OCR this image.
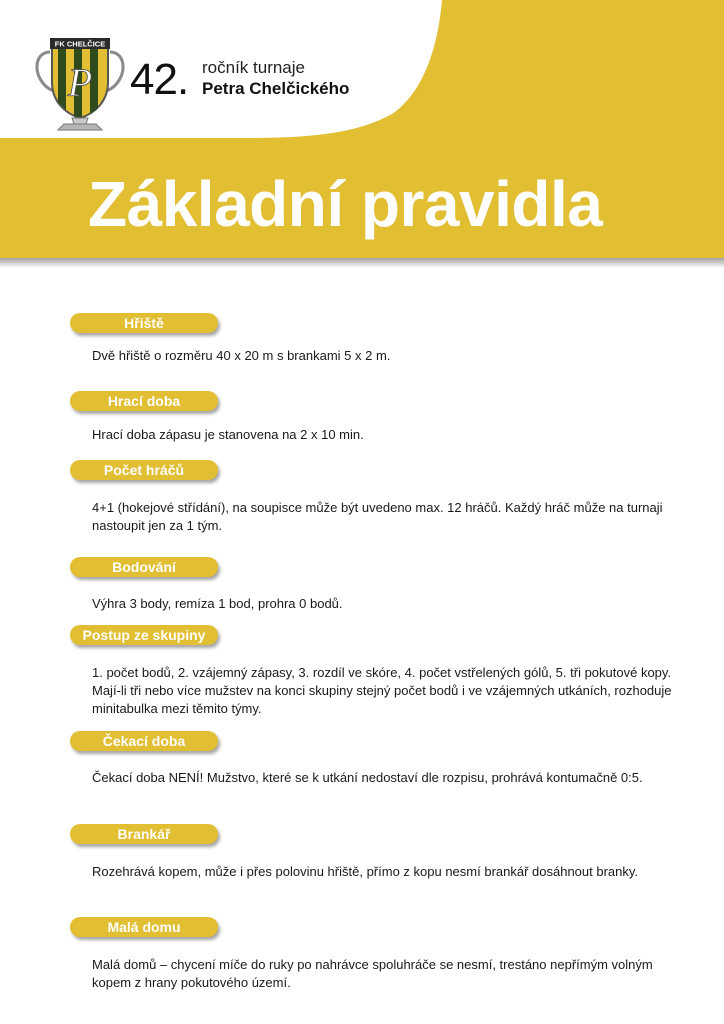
FK CHELČICE
P 42. ročník turnaje
Petra Chelčického
Základní pravidla
Hřiště

Dvě hřiště o rozměru 40 x 20 m s brankami 5 x 2 m.

Hrací doba

Hrací doba zápasu je stanovena na 2 x 10 min.

Počet hráčů

4+1 (hokejové střídání), na soupisce může být uvedeno max. 12 hráčů. Každý hráč může na turnaji nastoupit jen za 1 tým.

Bodování

Výhra 3 body, remíza 1 bod, prohra 0 bodů.

Postup ze skupiny

1. počet bodů, 2. vzájemný zápasy, 3. rozdíl ve skóre, 4. počet vstřelených gólů, 5. tři pokutové kopy. Mají-li tři nebo více mužstev na konci skupiny stejný počet bodů i ve vzájemných utkáních, rozhoduje minitabulka mezi těmito týmy.

Čekací doba

Čekací doba NENÍ! Mužstvo, které se k utkání nedostaví dle rozpisu, prohrává kontumačně 0:5.

Brankář

Rozehrává kopem, může i přes polovinu hřiště, přímo z kopu nesmí brankář dosáhnout branky.

Malá domu

Malá domů – chycení míče do ruky po nahrávce spoluhráče se nesmí, trestáno nepřímým volným kopem z hrany pokutového území.
